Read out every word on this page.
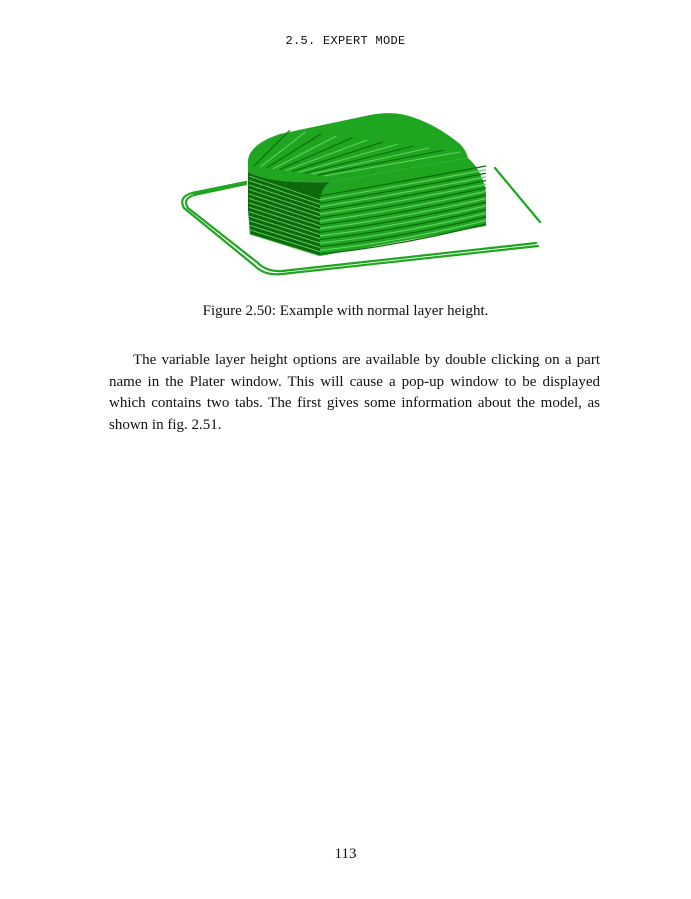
2.5. EXPERT MODE
Figure 2.50: Example with normal layer height.

The variable layer height options are available by double clicking on a part name in the Plater window. This will cause a pop-up window to be displayed which contains two tabs. The first gives some information about the model, as shown in fig. 2.51.

113
